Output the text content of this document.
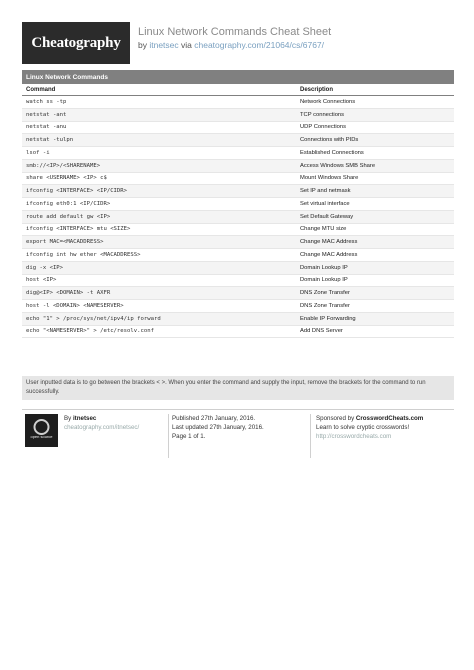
Cheatography
Linux Network Commands Cheat Sheet
by itnetsec via cheatography.com/21064/cs/6767/
Linux Network Commands
Command	Description
watch ss -tp	Network Connections
netstat -ant	TCP connections
netstat -anu	UDP Connections
netstat -tulpn	Connections with PIDs
lsof -i	Established Connections
smb://<IP>/<SHARENAME>	Access Windows SMB Share
share <USERNAME> <IP> c$	Mount Windows Share
ifconfig <INTERFACE> <IP/CIDR>	Set IP and netmask
ifconfig eth0:1 <IP/CIDR>	Set virtual interface
route add default gw <IP>	Set Default Gateway
ifconfig <INTERFACE> mtu <SIZE>	Change MTU size
export MAC=<MACADDRESS>	Change MAC Address
ifconfig int hw ether <MACADDRESS>	Change MAC Address
dig -x <IP>	Domain Lookup IP
host <IP>	Domain Lookup IP
dig@<IP> <DOMAIN> -t AXFR	DNS Zone Transfer
host -l <DOMAIN> <NAMESERVER>	DNS Zone Transfer
echo "1" > /proc/sys/net/ipv4/ip forward	Enable IP Forwarding
echo "<NAMESERVER>" > /etc/resolv.conf	Add DNS Server
User inputted data is to go between the brackets < >. When you enter the command and supply the input, remove the brackets for the command to run successfully.
open source
By itnetsec
cheatography.com/itnetsec/
Published 27th January, 2016.
Last updated 27th January, 2016.
Page 1 of 1.
Sponsored by CrosswordCheats.com
Learn to solve cryptic crosswords!
http://crosswordcheats.com
